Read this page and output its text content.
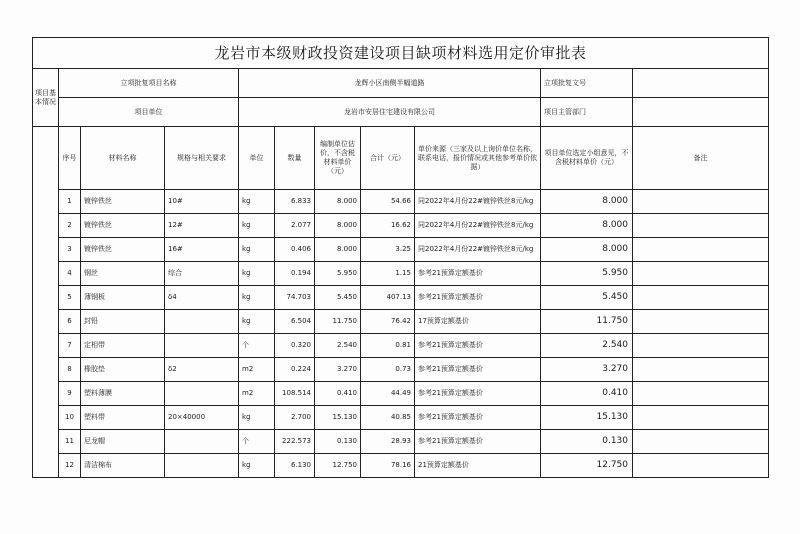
龙岩市本级财政投资建设项目缺项材料选用定价审批表										
项目基本情况	立项批复项目名称			龙辉小区南侧半幅道路					立项批复文号	
	项目单位			龙岩市安居住宅建设有限公司					项目主管部门	
	序号	材料名称	规格与相关要求	单位	数量	编制单位估价，不含税材料单价（元）	合计（元）	单价来源（三家及以上询价单位名称，联系电话，报价情况或其他参考单价依据）	项目单位选定小组意见，不含税材料单价（元）	备注
	1	镀锌铁丝	10#	kg	6.833	8.000	54.66	同2022年4月份22#镀锌铁丝8元/kg	8.000	
	2	镀锌铁丝	12#	kg	2.077	8.000	16.62	同2022年4月份22#镀锌铁丝8元/kg	8.000	
	3	镀锌铁丝	16#	kg	0.406	8.000	3.25	同2022年4月份22#镀锌铁丝8元/kg	8.000	
	4	钢丝	综合	kg	0.194	5.950	1.15	参考21预算定额基价	5.950	
	5	薄钢板	δ4	kg	74.703	5.450	407.13	参考21预算定额基价	5.450	
	6	封铅		kg	6.504	11.750	76.42	17预算定额基价	11.750	
	7	定相带		个	0.320	2.540	0.81	参考21预算定额基价	2.540	
	8	橡胶垫	δ2	m2	0.224	3.270	0.73	参考21预算定额基价	3.270	
	9	塑料薄膜		m2	108.514	0.410	44.49	参考21预算定额基价	0.410	
	10	塑料带	20×40000	kg	2.700	15.130	40.85	参考21预算定额基价	15.130	
	11	尼龙帽		个	222.573	0.130	28.93	参考21预算定额基价	0.130	
	12	清洁棉布		kg	6.130	12.750	78.16	21预算定额基价	12.750	
